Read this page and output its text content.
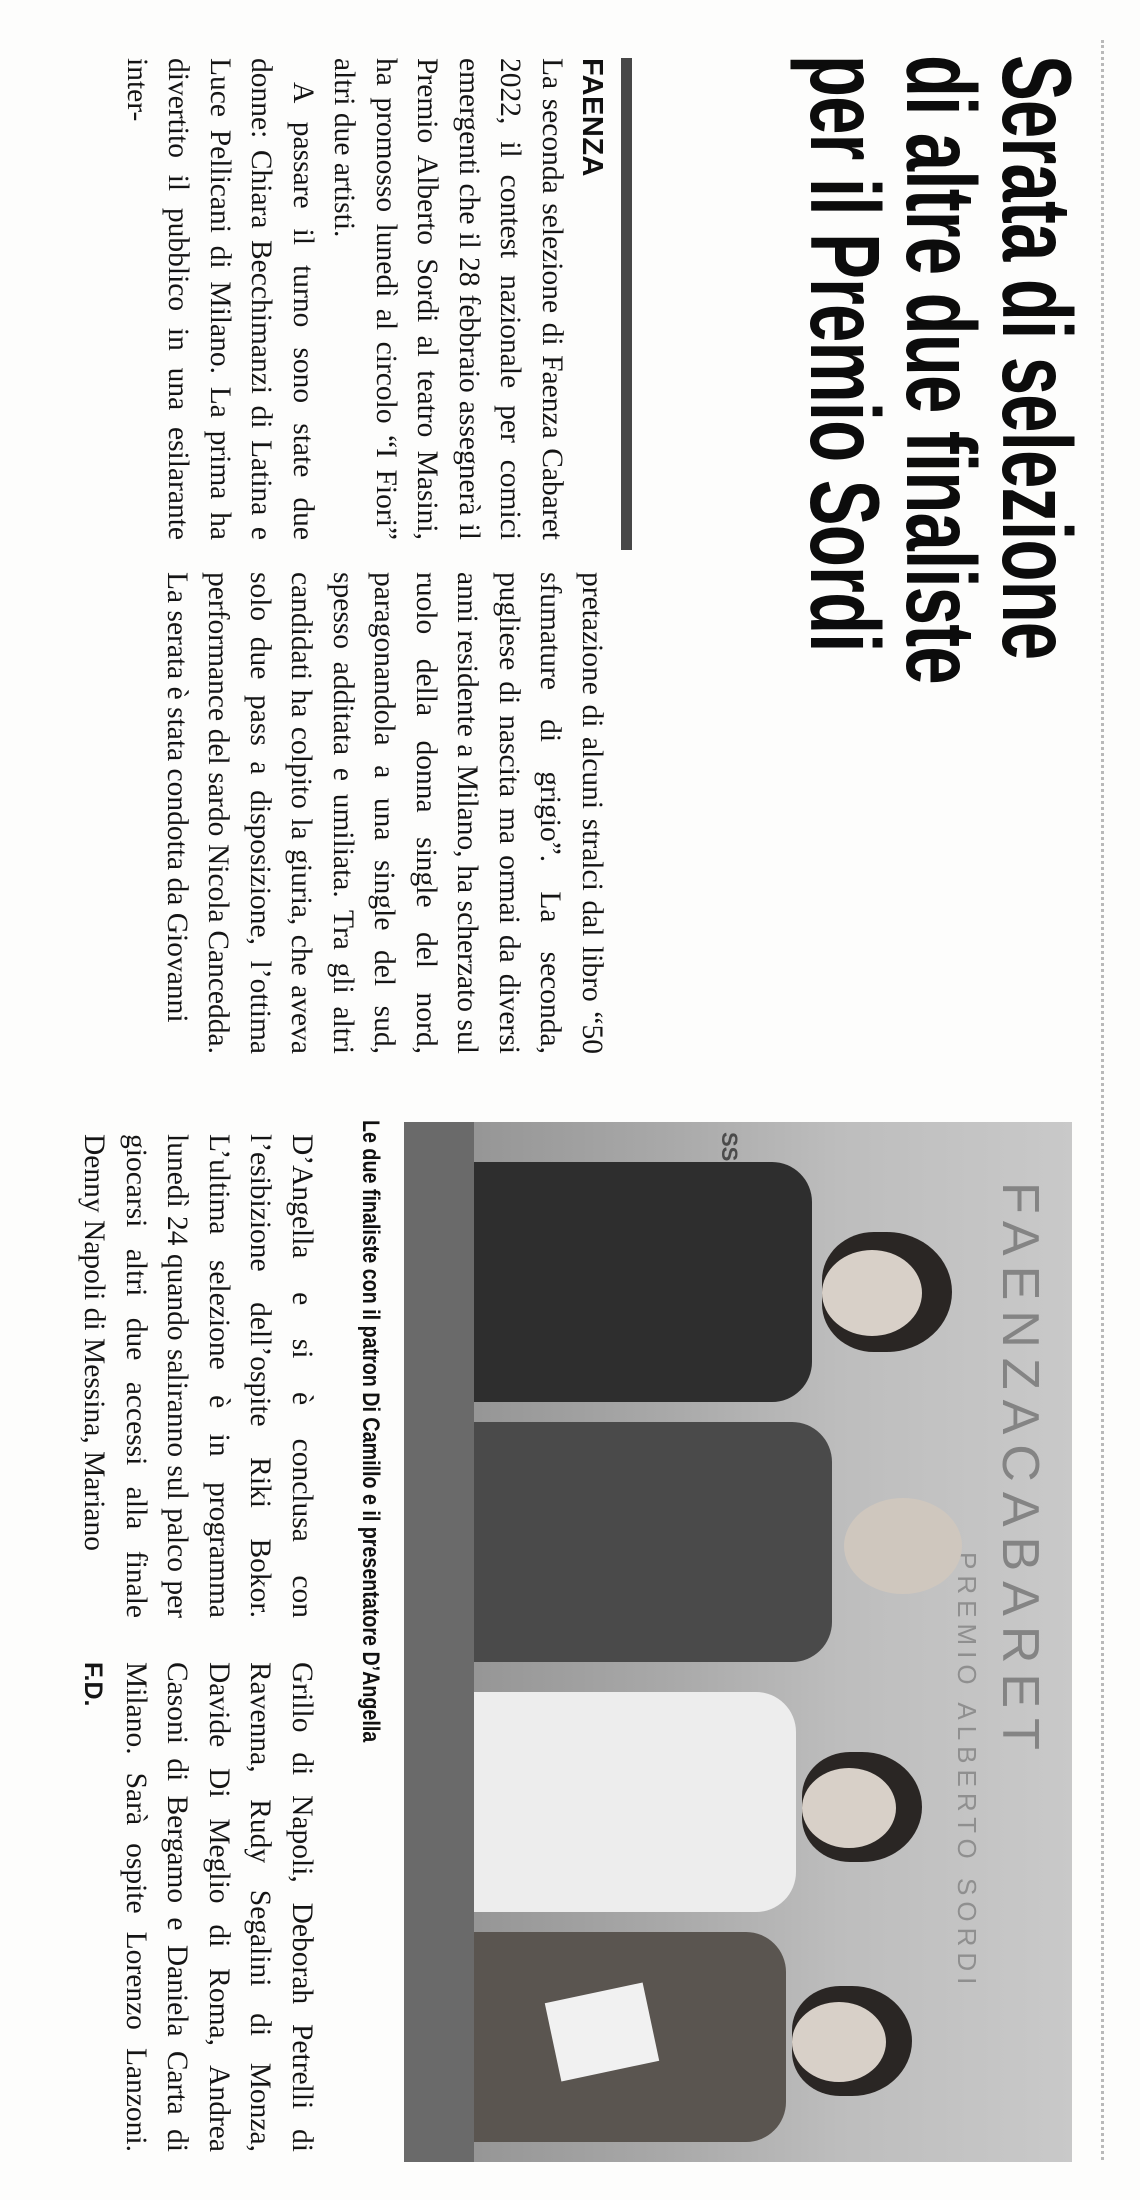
Serata di selezione
di altre due finaliste
per il Premio Sordi
FAENZA

La seconda selezione di Faenza Cabaret 2022, il contest nazionale per comici emergenti che il 28 febbraio assegnerà il Premio Alberto Sordi al teatro Masini, ha promosso lunedì al circolo “I Fiori” altri due artisti.

A passare il turno sono state due donne: Chiara Becchimanzi di Latina e Luce Pellicani di Milano. La prima ha divertito il pubblico in una esilarante inter-

pretazione di alcuni stralci dal libro “50 sfumature di grigio”. La seconda, pugliese di nascita ma ormai da diversi anni residente a Milano, ha scherzato sul ruolo della donna single del nord, paragonandola a una single del sud, spesso additata e umiliata. Tra gli altri candidati ha colpito la giuria, che aveva solo due pass a disposizione, l’ottima performance del sardo Nicola Cancedda. La serata è stata condotta da Giovanni

FAENZACABARET
PREMIO ALBERTO SORDI
Le due finaliste con il patron Di Camillo e il presentatore D’Angella

D’Angella e si è conclusa con l’esibizione dell’ospite Riki Bokor. L’ultima selezione è in programma lunedì 24 quando saliranno sul palco per giocarsi altri due accessi alla finale Denny Napoli di Messina, Mariano

Grillo di Napoli, Deborah Petrelli di Ravenna, Rudy Segalini di Monza, Davide Di Meglio di Roma, Andrea Casoni di Bergamo e Daniela Carta di Milano. Sarà ospite Lorenzo Lanzoni. F.D.
